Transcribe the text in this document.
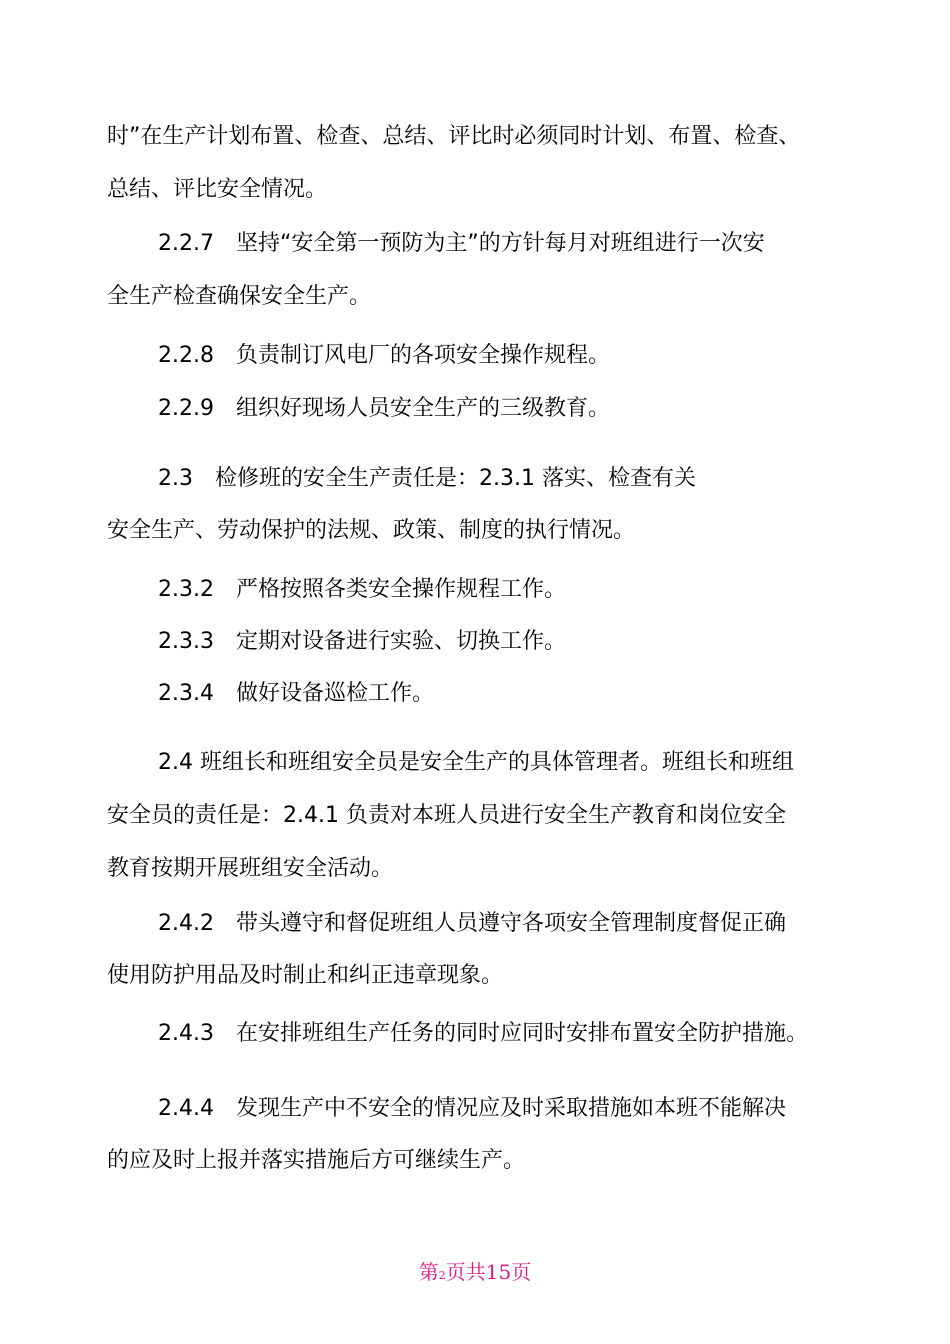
时”在生产计划布置、检查、总结、评比时必须同时计划、布置、检查、
总结、评比安全情况。
2.2.7　坚持“安全第一预防为主”的方针每月对班组进行一次安
全生产检查确保安全生产。
2.2.8　负责制订风电厂的各项安全操作规程。
2.2.9　组织好现场人员安全生产的三级教育。
2.3　检修班的安全生产责任是：2.3.1 落实、检查有关
安全生产、劳动保护的法规、政策、制度的执行情况。
2.3.2　严格按照各类安全操作规程工作。
2.3.3　定期对设备进行实验、切换工作。
2.3.4　做好设备巡检工作。
2.4 班组长和班组安全员是安全生产的具体管理者。班组长和班组
安全员的责任是：2.4.1 负责对本班人员进行安全生产教育和岗位安全
教育按期开展班组安全活动。
2.4.2　带头遵守和督促班组人员遵守各项安全管理制度督促正确
使用防护用品及时制止和纠正违章现象。
2.4.3　在安排班组生产任务的同时应同时安排布置安全防护措施。
2.4.4　发现生产中不安全的情况应及时采取措施如本班不能解决
的应及时上报并落实措施后方可继续生产。
第2页共15页
